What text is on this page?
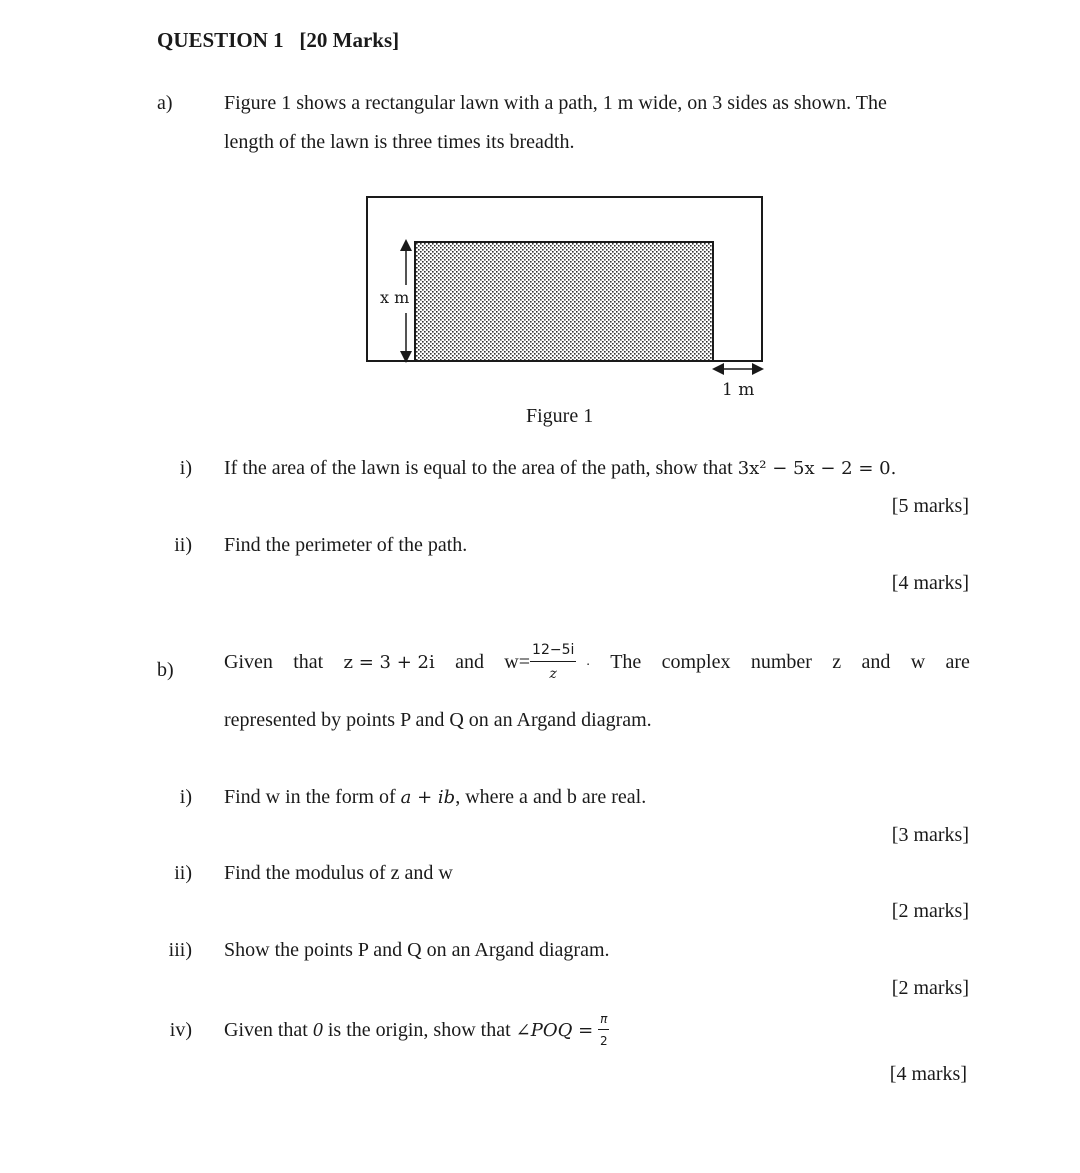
QUESTION 1 [20 Marks]
a)	Figure 1 shows a rectangular lawn with a path, 1 m wide, on 3 sides as shown. The
length of the lawn is three times its breadth.
x m
1 m
Figure 1
i) If the area of the lawn is equal to the area of the path, show that 3x² − 5x − 2 = 0.
[5 marks]
ii) Find the perimeter of the path.
[4 marks]
b)	Given that z = 3 + 2i and $w= \frac{12-5i}{z}$ . The complex number z and w are
represented by points P and Q on an Argand diagram.
i) Find w in the form of a + ib, where a and b are real.
[3 marks]
ii) Find the modulus of z and w
[2 marks]
iii) Show the points P and Q on an Argand diagram.
[2 marks]
iv) Given that
0
is the origin, show that
∠POQ =
$\frac{\pi}{2}$
[4 marks]
